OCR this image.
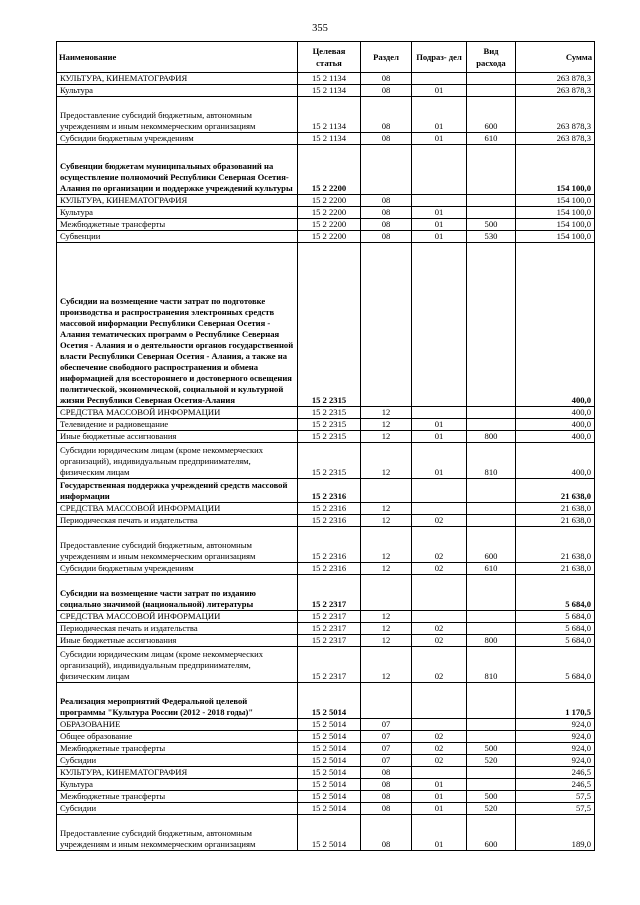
355
Наименование	Целевая статья	Раздел	Подраз- дел	Вид расхода	Сумма
КУЛЬТУРА, КИНЕМАТОГРАФИЯ	15 2 1134	08			263 878,3
Культура	15 2 1134	08	01		263 878,3
Предоставление субсидий бюджетным, автономным учреждениям и иным некоммерческим организациям	15 2 1134	08	01	600	263 878,3
Субсидии бюджетным учреждениям	15 2 1134	08	01	610	263 878,3
Субвенции бюджетам муниципальных образований на осуществление полномочий Республики Северная Осетия-Алания по организации и поддержке учреждений культуры	15 2 2200				154 100,0
КУЛЬТУРА, КИНЕМАТОГРАФИЯ	15 2 2200	08			154 100,0
Культура	15 2 2200	08	01		154 100,0
Межбюджетные трансферты	15 2 2200	08	01	500	154 100,0
Субвенции	15 2 2200	08	01	530	154 100,0
Субсидии на возмещение части затрат по подготовке производства и распространения электронных средств массовой информации Республики Северная Осетия - Алания тематических программ о Республике Северная Осетия - Алания и о деятельности органов государственной власти Республики Северная Осетия - Алания, а также на обеспечение свободного распространения и обмена информацией для всестороннего и достоверного освещения политической, экономической, социальной и культурной жизни Республики Северная Осетия-Алания	15 2 2315				400,0
СРЕДСТВА МАССОВОЙ ИНФОРМАЦИИ	15 2 2315	12			400,0
Телевидение и радиовещание	15 2 2315	12	01		400,0
Иные бюджетные ассигнования	15 2 2315	12	01	800	400,0
Субсидии юридическим лицам (кроме некоммерческих организаций), индивидуальным предпринимателям, физическим лицам	15 2 2315	12	01	810	400,0
Государственная поддержка учреждений средств массовой информации	15 2 2316				21 638,0
СРЕДСТВА МАССОВОЙ ИНФОРМАЦИИ	15 2 2316	12			21 638,0
Периодическая печать и издательства	15 2 2316	12	02		21 638,0
Предоставление субсидий бюджетным, автономным учреждениям и иным некоммерческим организациям	15 2 2316	12	02	600	21 638,0
Субсидии бюджетным учреждениям	15 2 2316	12	02	610	21 638,0
Субсидии на возмещение части затрат по изданию социально значимой (национальной) литературы	15 2 2317				5 684,0
СРЕДСТВА МАССОВОЙ ИНФОРМАЦИИ	15 2 2317	12			5 684,0
Периодическая печать и издательства	15 2 2317	12	02		5 684,0
Иные бюджетные ассигнования	15 2 2317	12	02	800	5 684,0
Субсидии юридическим лицам (кроме некоммерческих организаций), индивидуальным предпринимателям, физическим лицам	15 2 2317	12	02	810	5 684,0
Реализация мероприятий Федеральной целевой программы "Культура России (2012 - 2018 годы)"	15 2 5014				1 170,5
ОБРАЗОВАНИЕ	15 2 5014	07			924,0
Общее образование	15 2 5014	07	02		924,0
Межбюджетные трансферты	15 2 5014	07	02	500	924,0
Субсидии	15 2 5014	07	02	520	924,0
КУЛЬТУРА, КИНЕМАТОГРАФИЯ	15 2 5014	08			246,5
Культура	15 2 5014	08	01		246,5
Межбюджетные трансферты	15 2 5014	08	01	500	57,5
Субсидии	15 2 5014	08	01	520	57,5
Предоставление субсидий бюджетным, автономным учреждениям и иным некоммерческим организациям	15 2 5014	08	01	600	189,0
